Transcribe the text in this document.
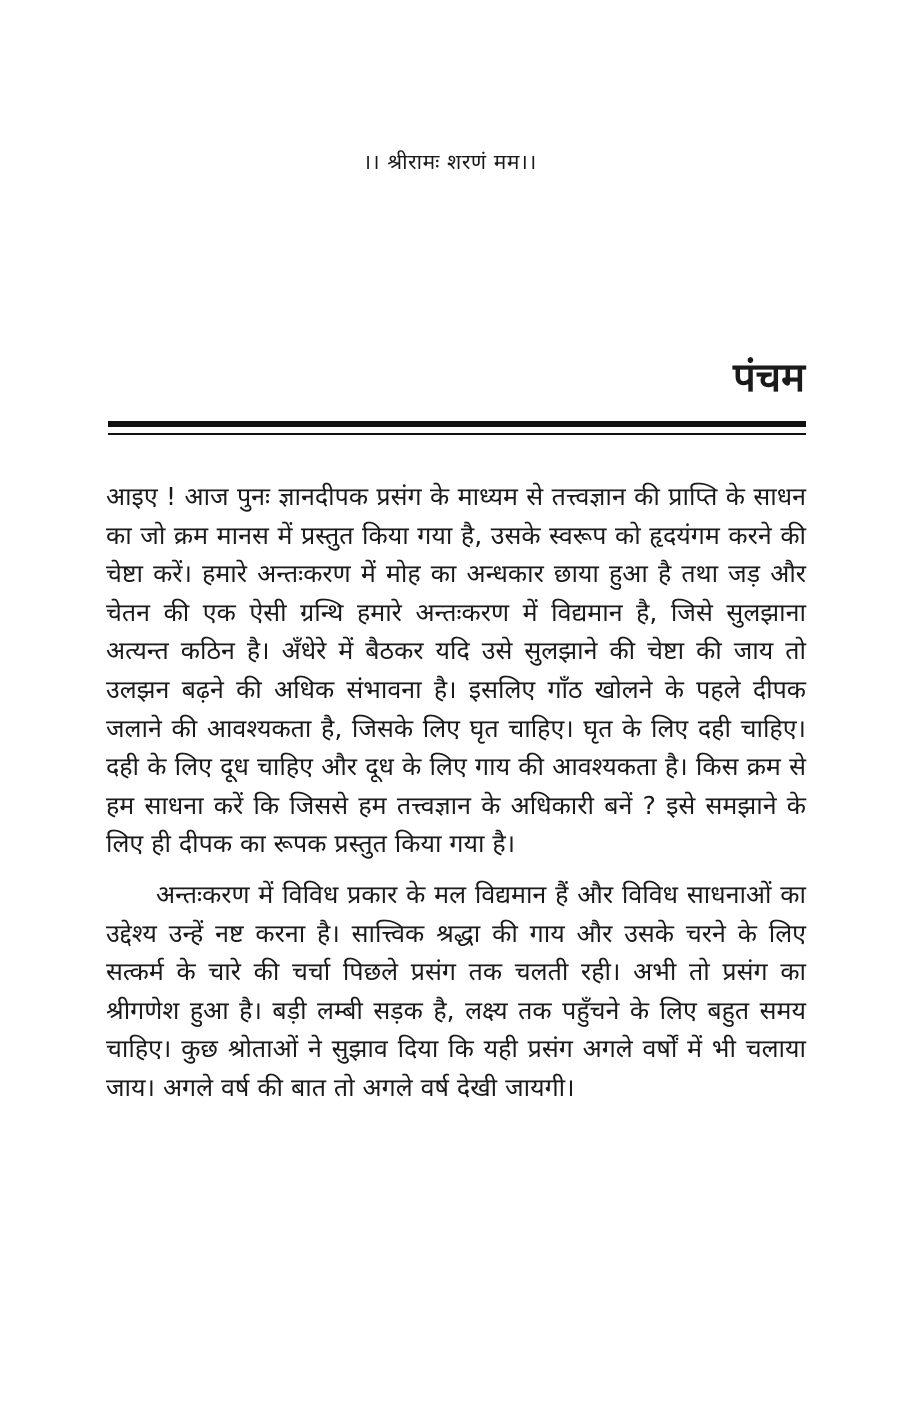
।। श्रीरामः शरणं मम।।
पंचम

आइए ! आज पुनः ज्ञानदीपक प्रसंग के माध्यम से तत्त्वज्ञान की प्राप्ति के साधन का जो क्रम मानस में प्रस्तुत किया गया है, उसके स्वरूप को हृदयंगम करने की चेष्टा करें। हमारे अन्तःकरण में मोह का अन्धकार छाया हुआ है तथा जड़ और चेतन की एक ऐसी ग्रन्थि हमारे अन्तःकरण में विद्यमान है, जिसे सुलझाना अत्यन्त कठिन है। अँधेरे में बैठकर यदि उसे सुलझाने की चेष्टा की जाय तो उलझन बढ़ने की अधिक संभावना है। इसलिए गाँठ खोलने के पहले दीपक जलाने की आवश्यकता है, जिसके लिए घृत चाहिए। घृत के लिए दही चाहिए। दही के लिए दूध चाहिए और दूध के लिए गाय की आवश्यकता है। किस क्रम से हम साधना करें कि जिससे हम तत्त्वज्ञान के अधिकारी बनें ? इसे समझाने के लिए ही दीपक का रूपक प्रस्तुत किया गया है।

अन्तःकरण में विविध प्रकार के मल विद्यमान हैं और विविध साधनाओं का उद्देश्य उन्हें नष्ट करना है। सात्त्विक श्रद्धा की गाय और उसके चरने के लिए सत्कर्म के चारे की चर्चा पिछले प्रसंग तक चलती रही। अभी तो प्रसंग का श्रीगणेश हुआ है। बड़ी लम्बी सड़क है, लक्ष्य तक पहुँचने के लिए बहुत समय चाहिए। कुछ श्रोताओं ने सुझाव दिया कि यही प्रसंग अगले वर्षों में भी चलाया जाय। अगले वर्ष की बात तो अगले वर्ष देखी जायगी।
